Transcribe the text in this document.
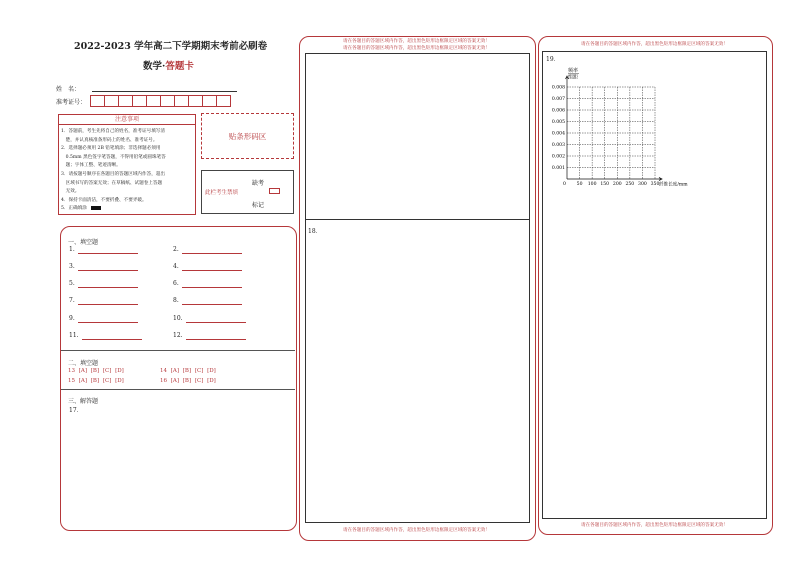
2022-2023 学年高二下学期期末考前必刷卷
数学·答题卡
姓　名：
准考证号：
注意事项

1．答题前，考生先将自己的姓名，准考证号填写清

　楚，并认真核准条形码上的姓名、准考证号。

2．选择题必须用 2B 铅笔填涂；非选择题必须用

　0.5mm 黑色签字笔答题，不得用铅笔或圆珠笔答

　题；字体工整、笔迹清晰。

3．请按题号顺序在各题目的答题区域内作答，超出

　区域书写的答案无效；在草稿纸、试题卷上答题

　无效。

4．保持卡面清洁，不要折叠、不要弄破。

5．正确填涂

贴条形码区
缺考
此栏考生禁填
标记
一、填空题
1.	2.
3.	4.
5.	6.
7.	8.
9.	10.
11.	12.
二、填空题
13 [A] [B] [C] [D]	14 [A] [B] [C] [D]
15 [A] [B] [C] [D]	16 [A] [B] [C] [D]
三、解答题
17．
请在各题目的答题区域内作答，超出黑色矩形边框限定区域的答案无效！
请在各题目的答题区域内作答，超出黑色矩形边框限定区域的答案无效！
18．
请在各题目的答题区域内作答，超出黑色矩形边框限定区域的答案无效！
请在各题目的答题区域内作答，超出黑色矩形边框限定区域的答案无效！
19．
请在各题目的答题区域内作答，超出黑色矩形边框限定区域的答案无效！
0.001
0.002
0.003
0.004
0.005
0.006
0.007
0.008
50 100 150 200 250 300 350
0
频率
组距
纤维长度/mm
